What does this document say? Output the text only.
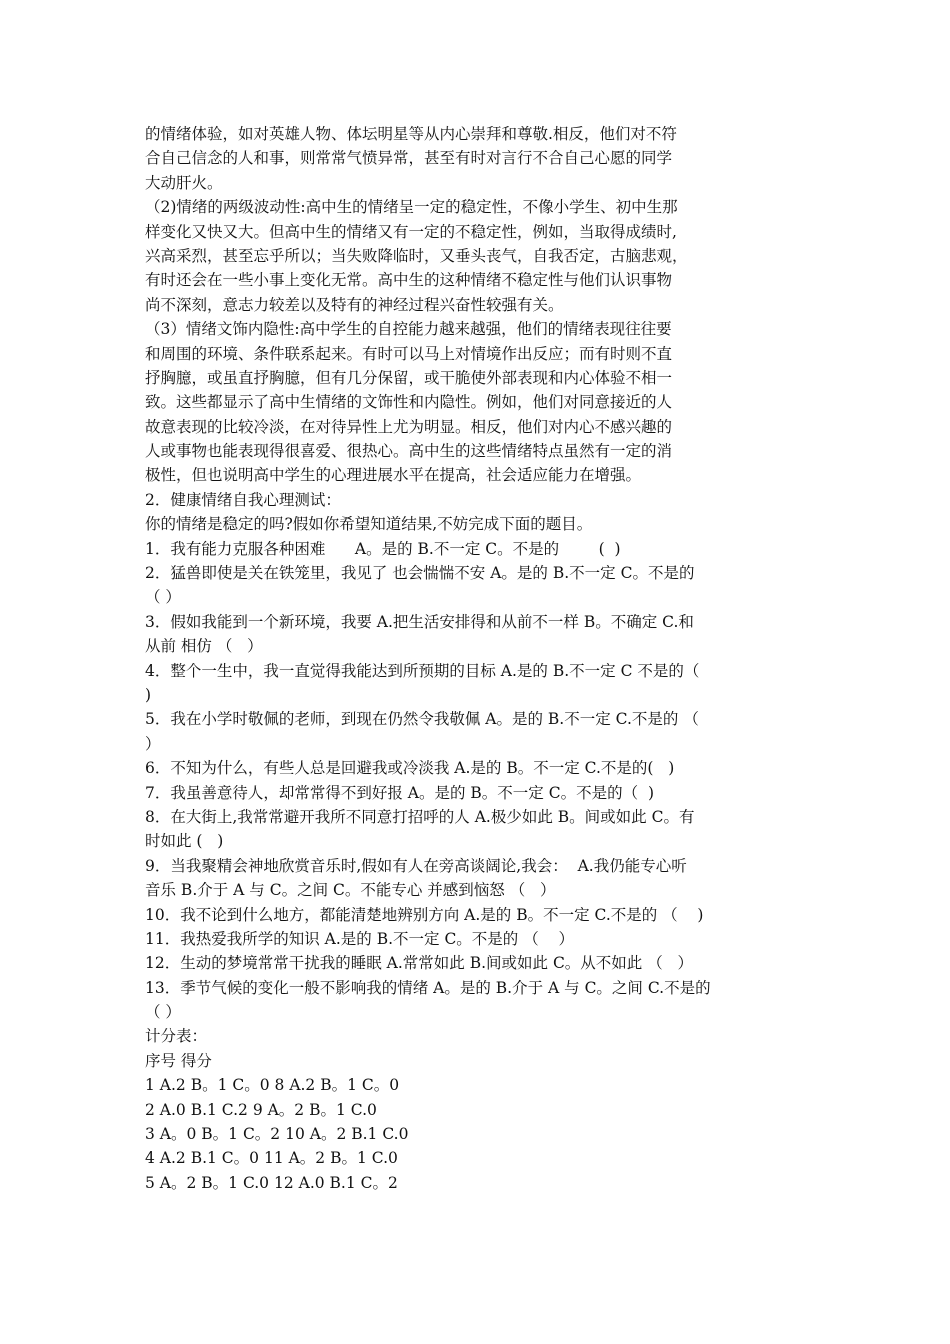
的情绪体验，如对英雄人物、体坛明星等从内心崇拜和尊敬.相反，他们对不符
合自己信念的人和事，则常常气愤异常，甚至有时对言行不合自己心愿的同学
大动肝火。
（2)情绪的两级波动性:高中生的情绪呈一定的稳定性，不像小学生、初中生那
样变化又快又大。但高中生的情绪又有一定的不稳定性，例如，当取得成绩时,
兴高采烈，甚至忘乎所以；当失败降临时，又垂头丧气，自我否定，古脑悲观，
有时还会在一些小事上变化无常。高中生的这种情绪不稳定性与他们认识事物
尚不深刻，意志力较差以及特有的神经过程兴奋性较强有关。
（3）情绪文饰内隐性:高中学生的自控能力越来越强，他们的情绪表现往往要
和周围的环境、条件联系起来。有时可以马上对情境作出反应；而有时则不直
抒胸臆，或虽直抒胸臆，但有几分保留，或干脆使外部表现和内心体验不相一
致。这些都显示了高中生情绪的文饰性和内隐性。例如，他们对同意接近的人
故意表现的比较冷淡，在对待异性上尤为明显。相反，他们对内心不感兴趣的
人或事物也能表现得很喜爱、很热心。高中生的这些情绪特点虽然有一定的消
极性，但也说明高中学生的心理进展水平在提高，社会适应能力在增强。
2．健康情绪自我心理测试：
你的情绪是稳定的吗?假如你希望知道结果,不妨完成下面的题目。
1．我有能力克服各种困难      A。是的 B.不一定 C。不是的        (  )
2．猛兽即使是关在铁笼里，我见了 也会惴惴不安 A。是的 B.不一定 C。不是的
（ ）
3．假如我能到一个新环境，我要 A.把生活安排得和从前不一样 B。不确定 C.和
从前 相仿 （   ）
4．整个一生中，我一直觉得我能达到所预期的目标 A.是的 B.不一定 C 不是的（
)
5．我在小学时敬佩的老师，到现在仍然令我敬佩 A。是的 B.不一定 C.不是的 （
）
6．不知为什么，有些人总是回避我或冷淡我 A.是的 B。不一定 C.不是的(   )
7．我虽善意待人，却常常得不到好报 A。是的 B。不一定 C。不是的（  )
8．在大街上,我常常避开我所不同意打招呼的人 A.极少如此 B。间或如此 C。有
时如此 (   )
9．当我聚精会神地欣赏音乐时,假如有人在旁高谈阔论,我会：  A.我仍能专心听
音乐 B.介于 A 与 C。之间 C。不能专心 并感到恼怒 （   ）
10．我不论到什么地方，都能清楚地辨别方向 A.是的 B。不一定 C.不是的 （    )
11．我热爱我所学的知识 A.是的 B.不一定 C。不是的 （    ）
12．生动的梦境常常干扰我的睡眠 A.常常如此 B.间或如此 C。从不如此 （   ）
13．季节气候的变化一般不影响我的情绪 A。是的 B.介于 A 与 C。之间 C.不是的
（ ）
计分表：
序号 得分
1 A.2 B。1 C。0 8 A.2 B。1 C。0
2 A.0 B.1 C.2 9 A。2 B。1 C.0
3 A。0 B。1 C。2 10 A。2 B.1 C.0
4 A.2 B.1 C。0 11 A。2 B。1 C.0
5 A。2 B。1 C.0 12 A.0 B.1 C。2
